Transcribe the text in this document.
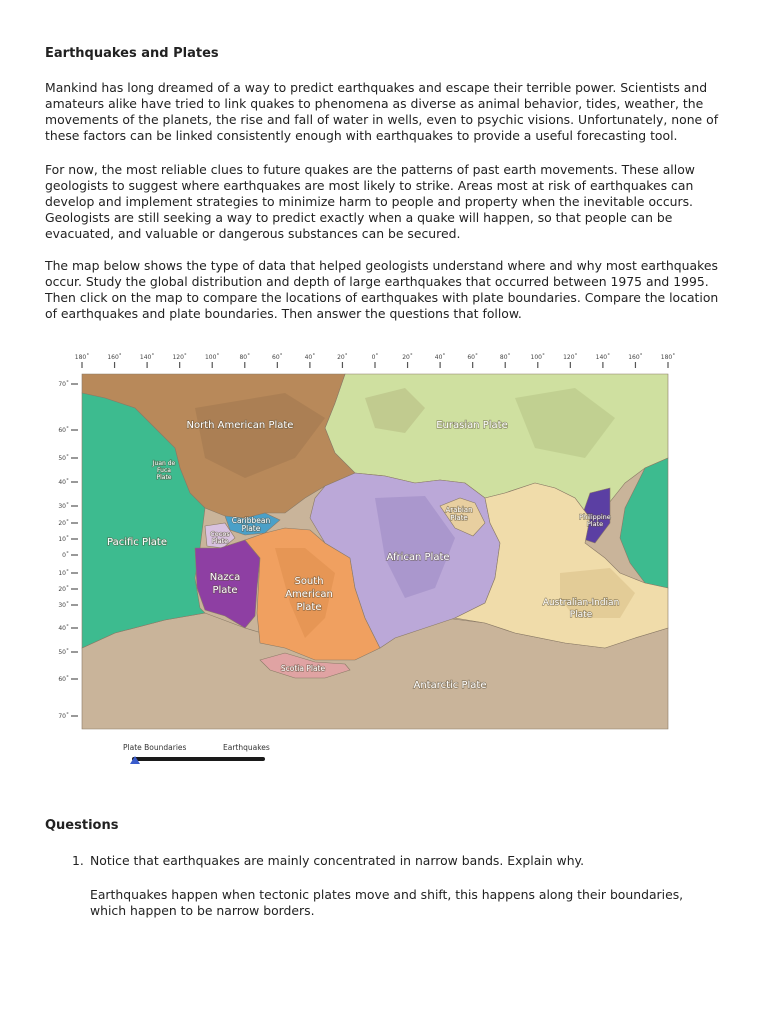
Earthquakes and Plates

Mankind has long dreamed of a way to predict earthquakes and escape their terrible power. Scientists and amateurs alike have tried to link quakes to phenomena as diverse as animal behavior, tides, weather, the movements of the planets, the rise and fall of water in wells, even to psychic visions. Unfortunately, none of these factors can be linked consistently enough with earthquakes to provide a useful forecasting tool.

For now, the most reliable clues to future quakes are the patterns of past earth movements. These allow geologists to suggest where earthquakes are most likely to strike. Areas most at risk of earthquakes can develop and implement strategies to minimize harm to people and property when the inevitable occurs. Geologists are still seeking a way to predict exactly when a quake will happen, so that people can be evacuated, and valuable or dangerous substances can be secured.

The map below shows the type of data that helped geologists understand where and why most earthquakes occur. Study the global distribution and depth of large earthquakes that occurred between 1975 and 1995. Then click on the map to compare the locations of earthquakes with plate boundaries. Compare the location of earthquakes and plate boundaries. Then answer the questions that follow.

180˚	160˚	140˚	120˚	100˚	80˚	60˚	40˚	20˚	0˚	20˚	40˚	60˚	80˚	100˚	120˚	140˚	160˚	180˚
70˚
60˚
50˚
40˚
30˚
20˚
10˚
0˚
10˚
20˚
30˚
40˚
50˚
60˚
70˚
North American Plate	Eurasian Plate
Juan de
Fuca
Plate
Pacific Plate
Caribbean
Plate
Cocos
Plate
Nazca
Plate
South
American
Plate
African Plate
Arabian
Plate	Philippine
Plate
Australian-Indian
Plate
Scotia Plate
Antarctic Plate
Plate Boundaries	Earthquakes
Questions
1. Notice that earthquakes are mainly concentrated in narrow bands. Explain why.

Earthquakes happen when tectonic plates move and shift, this happens along their boundaries, which happen to be narrow borders.
